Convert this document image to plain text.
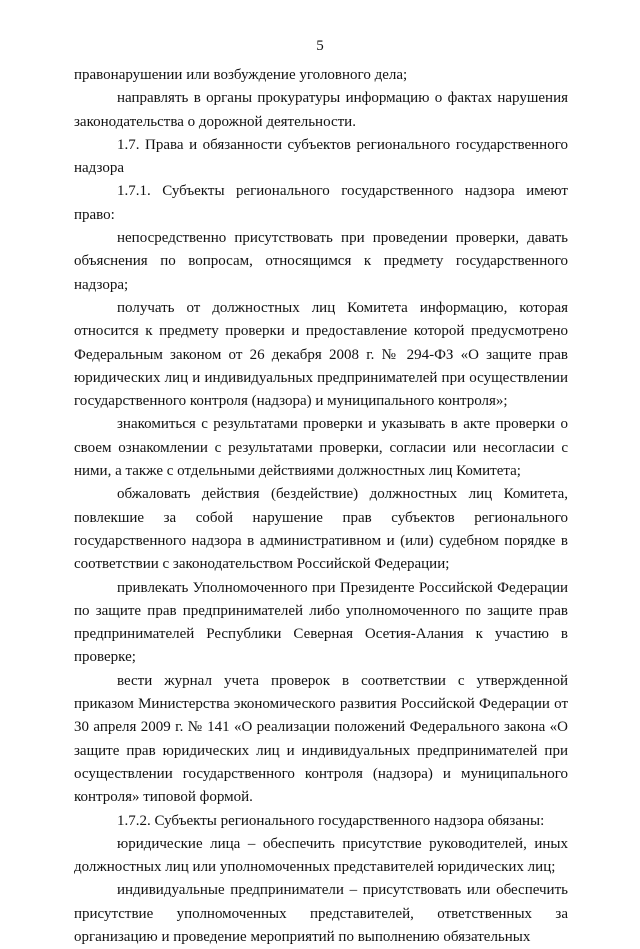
5

правонарушении или возбуждение уголовного дела;

направлять в органы прокуратуры информацию о фактах нарушения законодательства о дорожной деятельности.

1.7. Права и обязанности субъектов регионального государственного надзора

1.7.1. Субъекты регионального государственного надзора имеют право:

непосредственно присутствовать при проведении проверки, давать объяснения по вопросам, относящимся к предмету государственного надзора;

получать от должностных лиц Комитета информацию, которая относится к предмету проверки и предоставление которой предусмотрено Федеральным законом от 26 декабря 2008 г. № 294-ФЗ «О защите прав юридических лиц и индивидуальных предпринимателей при осуществлении государственного контроля (надзора) и муниципального контроля»;

знакомиться с результатами проверки и указывать в акте проверки о своем ознакомлении с результатами проверки, согласии или несогласии с ними, а также с отдельными действиями должностных лиц Комитета;

обжаловать действия (бездействие) должностных лиц Комитета, повлекшие за собой нарушение прав субъектов регионального государственного надзора в административном и (или) судебном порядке в соответствии с законодательством Российской Федерации;

привлекать Уполномоченного при Президенте Российской Федерации по защите прав предпринимателей либо уполномоченного по защите прав предпринимателей Республики Северная Осетия-Алания к участию в проверке;

вести журнал учета проверок в соответствии с утвержденной приказом Министерства экономического развития Российской Федерации от 30 апреля 2009 г. № 141 «О реализации положений Федерального закона «О защите прав юридических лиц и индивидуальных предпринимателей при осуществлении государственного контроля (надзора) и муниципального контроля» типовой формой.

1.7.2. Субъекты регионального государственного надзора обязаны:

юридические лица – обеспечить присутствие руководителей, иных должностных лиц или уполномоченных представителей юридических лиц;

индивидуальные предприниматели – присутствовать или обеспечить присутствие уполномоченных представителей, ответственных за организацию и проведение мероприятий по выполнению обязательных
